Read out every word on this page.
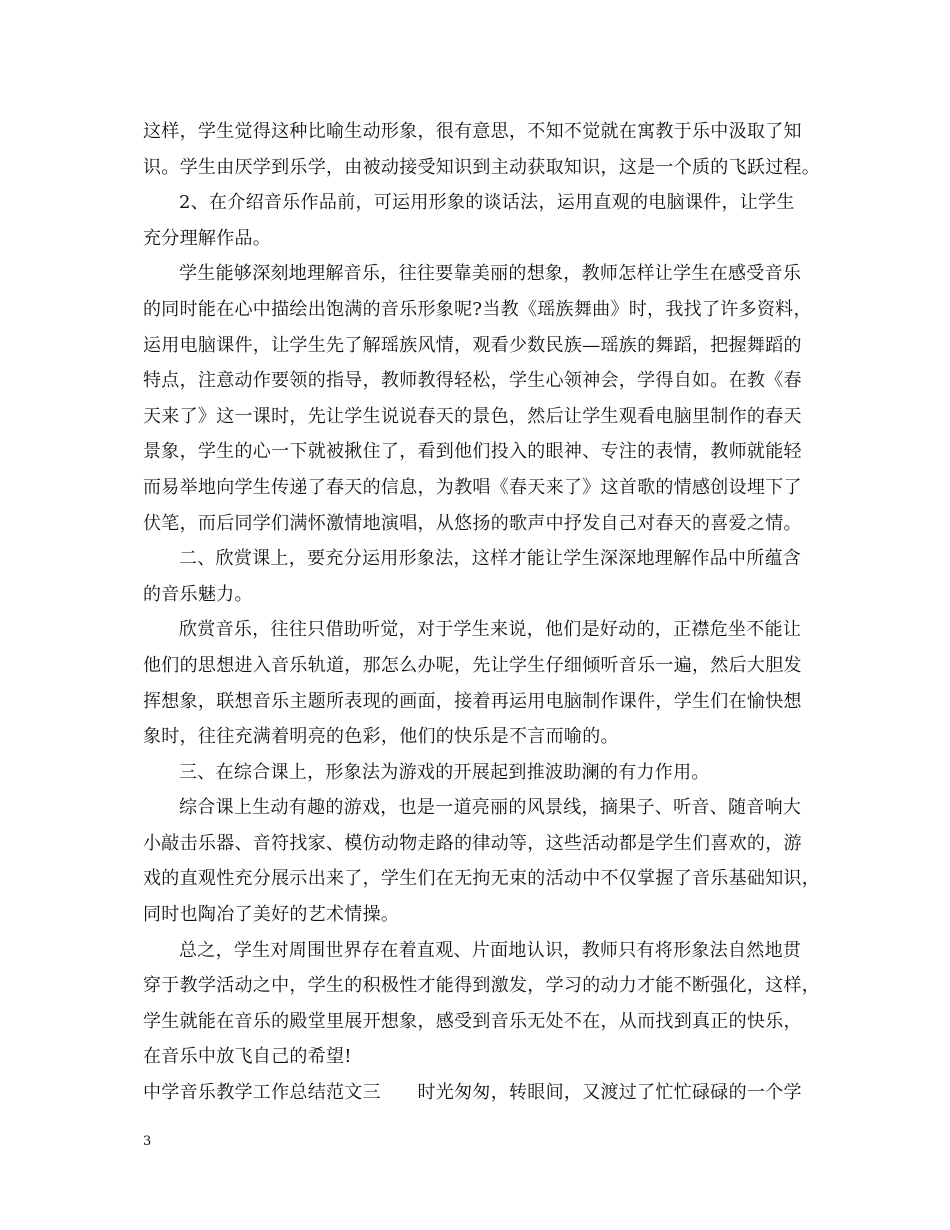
这样，学生觉得这种比喻生动形象，很有意思，不知不觉就在寓教于乐中汲取了知
识。学生由厌学到乐学，由被动接受知识到主动获取知识，这是一个质的飞跃过程。
2、在介绍音乐作品前，可运用形象的谈话法，运用直观的电脑课件，让学生
充分理解作品。
学生能够深刻地理解音乐，往往要靠美丽的想象，教师怎样让学生在感受音乐
的同时能在心中描绘出饱满的音乐形象呢?当教《瑶族舞曲》时，我找了许多资料，
运用电脑课件，让学生先了解瑶族风情，观看少数民族—瑶族的舞蹈，把握舞蹈的
特点，注意动作要领的指导，教师教得轻松，学生心领神会，学得自如。在教《春
天来了》这一课时，先让学生说说春天的景色，然后让学生观看电脑里制作的春天
景象，学生的心一下就被揪住了，看到他们投入的眼神、专注的表情，教师就能轻
而易举地向学生传递了春天的信息，为教唱《春天来了》这首歌的情感创设埋下了
伏笔，而后同学们满怀激情地演唱，从悠扬的歌声中抒发自己对春天的喜爱之情。
二、欣赏课上，要充分运用形象法，这样才能让学生深深地理解作品中所蕴含
的音乐魅力。
欣赏音乐，往往只借助听觉，对于学生来说，他们是好动的，正襟危坐不能让
他们的思想进入音乐轨道，那怎么办呢，先让学生仔细倾听音乐一遍，然后大胆发
挥想象，联想音乐主题所表现的画面，接着再运用电脑制作课件，学生们在愉快想
象时，往往充满着明亮的色彩，他们的快乐是不言而喻的。
三、在综合课上，形象法为游戏的开展起到推波助澜的有力作用。
综合课上生动有趣的游戏，也是一道亮丽的风景线，摘果子、听音、随音响大
小敲击乐器、音符找家、模仿动物走路的律动等，这些活动都是学生们喜欢的，游
戏的直观性充分展示出来了，学生们在无拘无束的活动中不仅掌握了音乐基础知识，
同时也陶冶了美好的艺术情操。
总之，学生对周围世界存在着直观、片面地认识，教师只有将形象法自然地贯
穿于教学活动之中，学生的积极性才能得到激发，学习的动力才能不断强化，这样，
学生就能在音乐的殿堂里展开想象，感受到音乐无处不在，从而找到真正的快乐，
在音乐中放飞自己的希望!
中学音乐教学工作总结范文三　　时光匆匆，转眼间，又渡过了忙忙碌碌的一个学
3
